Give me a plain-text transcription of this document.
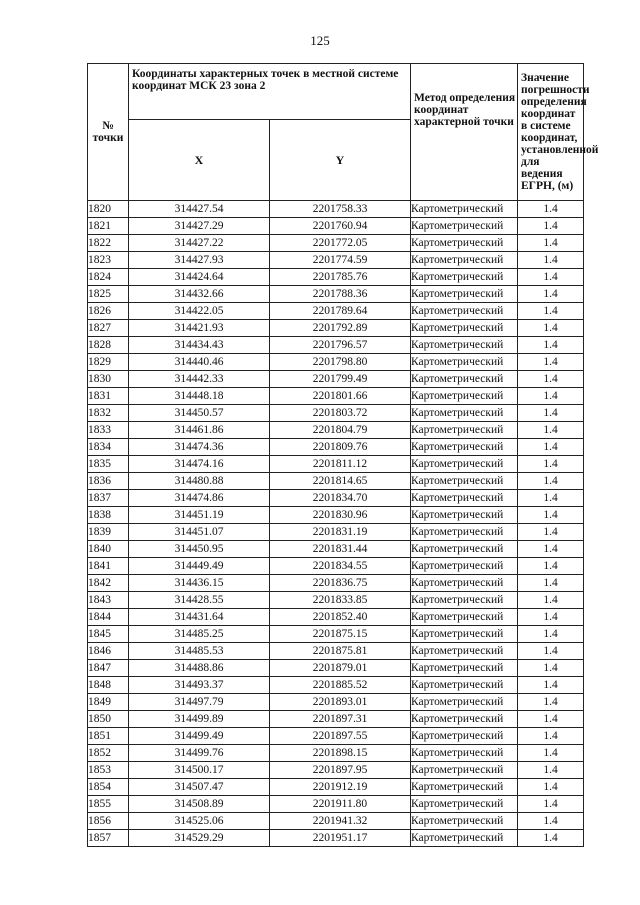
125
№ точки	Координаты характерных точек в местной системе координат МСК 23 зона 2		Метод определения координат характерной точки	Значение погрешности определения координат в системе координат, установленной для ведения ЕГРН, (м)
	X	Y		
1820	314427.54	2201758.33	Картометрический	1.4
1821	314427.29	2201760.94	Картометрический	1.4
1822	314427.22	2201772.05	Картометрический	1.4
1823	314427.93	2201774.59	Картометрический	1.4
1824	314424.64	2201785.76	Картометрический	1.4
1825	314432.66	2201788.36	Картометрический	1.4
1826	314422.05	2201789.64	Картометрический	1.4
1827	314421.93	2201792.89	Картометрический	1.4
1828	314434.43	2201796.57	Картометрический	1.4
1829	314440.46	2201798.80	Картометрический	1.4
1830	314442.33	2201799.49	Картометрический	1.4
1831	314448.18	2201801.66	Картометрический	1.4
1832	314450.57	2201803.72	Картометрический	1.4
1833	314461.86	2201804.79	Картометрический	1.4
1834	314474.36	2201809.76	Картометрический	1.4
1835	314474.16	2201811.12	Картометрический	1.4
1836	314480.88	2201814.65	Картометрический	1.4
1837	314474.86	2201834.70	Картометрический	1.4
1838	314451.19	2201830.96	Картометрический	1.4
1839	314451.07	2201831.19	Картометрический	1.4
1840	314450.95	2201831.44	Картометрический	1.4
1841	314449.49	2201834.55	Картометрический	1.4
1842	314436.15	2201836.75	Картометрический	1.4
1843	314428.55	2201833.85	Картометрический	1.4
1844	314431.64	2201852.40	Картометрический	1.4
1845	314485.25	2201875.15	Картометрический	1.4
1846	314485.53	2201875.81	Картометрический	1.4
1847	314488.86	2201879.01	Картометрический	1.4
1848	314493.37	2201885.52	Картометрический	1.4
1849	314497.79	2201893.01	Картометрический	1.4
1850	314499.89	2201897.31	Картометрический	1.4
1851	314499.49	2201897.55	Картометрический	1.4
1852	314499.76	2201898.15	Картометрический	1.4
1853	314500.17	2201897.95	Картометрический	1.4
1854	314507.47	2201912.19	Картометрический	1.4
1855	314508.89	2201911.80	Картометрический	1.4
1856	314525.06	2201941.32	Картометрический	1.4
1857	314529.29	2201951.17	Картометрический	1.4
